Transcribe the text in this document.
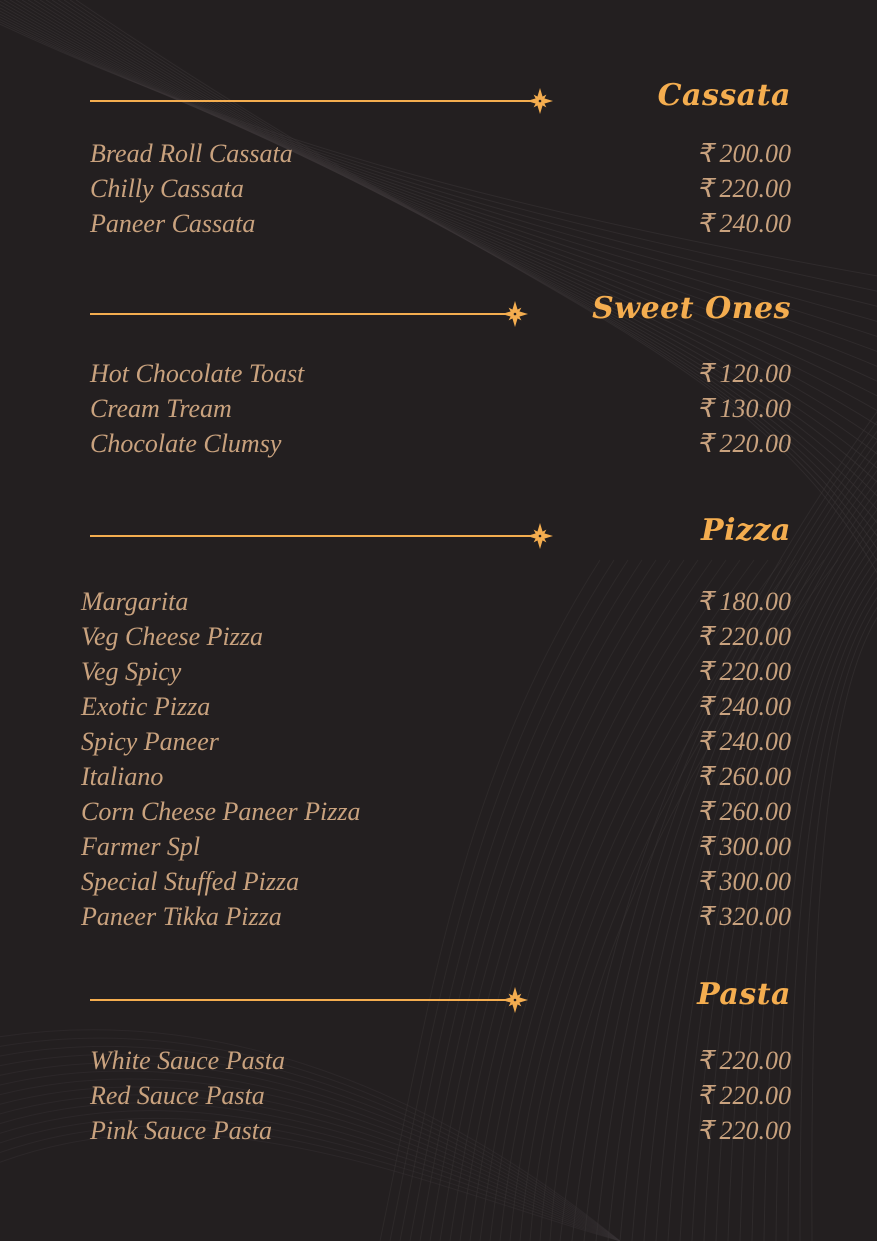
Cassata
Bread Roll Cassata	₹ 200.00
Chilly Cassata	₹ 220.00
Paneer Cassata	₹ 240.00
Sweet Ones
Hot Chocolate Toast	₹ 120.00
Cream Tream	₹ 130.00
Chocolate Clumsy	₹ 220.00
Pizza
Margarita	₹ 180.00
Veg Cheese Pizza	₹ 220.00
Veg Spicy	₹ 220.00
Exotic Pizza	₹ 240.00
Spicy Paneer	₹ 240.00
Italiano	₹ 260.00
Corn Cheese Paneer Pizza	₹ 260.00
Farmer Spl	₹ 300.00
Special Stuffed Pizza	₹ 300.00
Paneer Tikka Pizza	₹ 320.00
Pasta
White Sauce Pasta	₹ 220.00
Red Sauce Pasta	₹ 220.00
Pink Sauce Pasta	₹ 220.00
